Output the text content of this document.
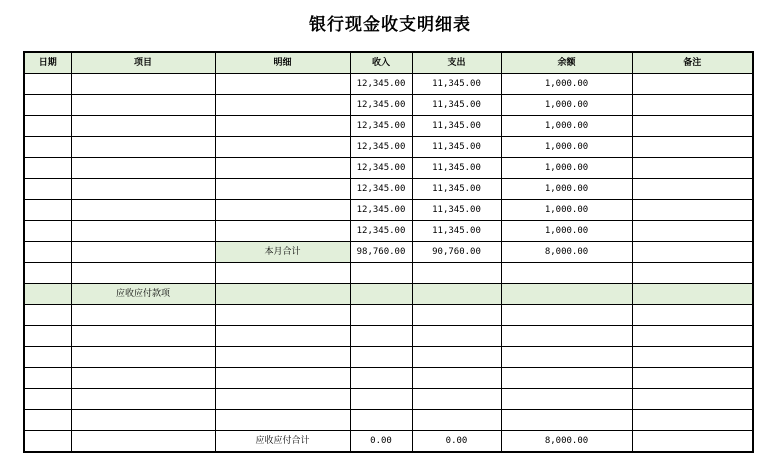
银行现金收支明细表
日期	项目	明细	收入	支出	余额	备注
			12,345.00	11,345.00	1,000.00	
			12,345.00	11,345.00	1,000.00	
			12,345.00	11,345.00	1,000.00	
			12,345.00	11,345.00	1,000.00	
			12,345.00	11,345.00	1,000.00	
			12,345.00	11,345.00	1,000.00	
			12,345.00	11,345.00	1,000.00	
			12,345.00	11,345.00	1,000.00	
		本月合计	98,760.00	90,760.00	8,000.00	

	应收应付款项					

		应收应付合计	0.00	0.00	8,000.00	
